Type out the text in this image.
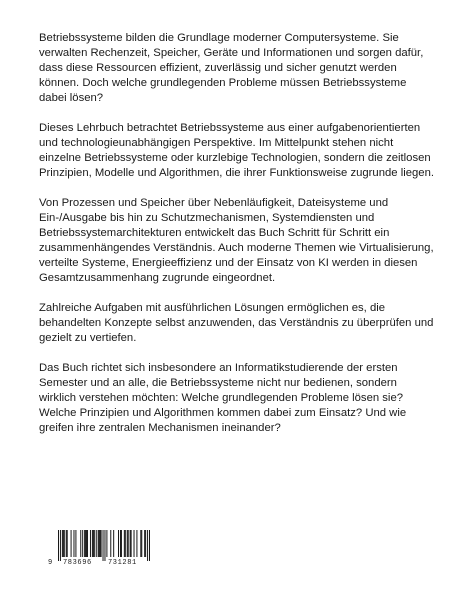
Betriebssysteme bilden die Grundlage moderner Computersysteme. Sie verwalten Rechenzeit, Speicher, Geräte und Informationen und sorgen dafür, dass diese Ressourcen effizient, zuverlässig und sicher genutzt werden können. Doch welche grundlegenden Probleme müssen Betriebssysteme dabei lösen?

Dieses Lehrbuch betrachtet Betriebssysteme aus einer aufgabenorientierten und technologieunabhängigen Perspektive. Im Mittelpunkt stehen nicht einzelne Betriebssysteme oder kurzlebige Technologien, sondern die zeitlosen Prinzipien, Modelle und Algorithmen, die ihrer Funktionsweise zugrunde liegen.

Von Prozessen und Speicher über Nebenläufigkeit, Dateisysteme und Ein-/Ausgabe bis hin zu Schutzmechanismen, Systemdiensten und Betriebssystemarchitekturen entwickelt das Buch Schritt für Schritt ein zusammenhängendes Verständnis. Auch moderne Themen wie Virtualisierung, verteilte Systeme, Energieeffizienz und der Einsatz von KI werden in diesen Gesamtzusammenhang zugrunde eingeordnet.

Zahlreiche Aufgaben mit ausführlichen Lösungen ermöglichen es, die behandelten Konzepte selbst anzuwenden, das Verständnis zu überprüfen und gezielt zu vertiefen.

Das Buch richtet sich insbesondere an Informatikstudierende der ersten Semester und an alle, die Betriebssysteme nicht nur bedienen, sondern wirklich verstehen möchten: Welche grundlegenden Probleme lösen sie? Welche Prinzipien und Algorithmen kommen dabei zum Einsatz? Und wie greifen ihre zentralen Mechanismen ineinander?

9 783696 731281
